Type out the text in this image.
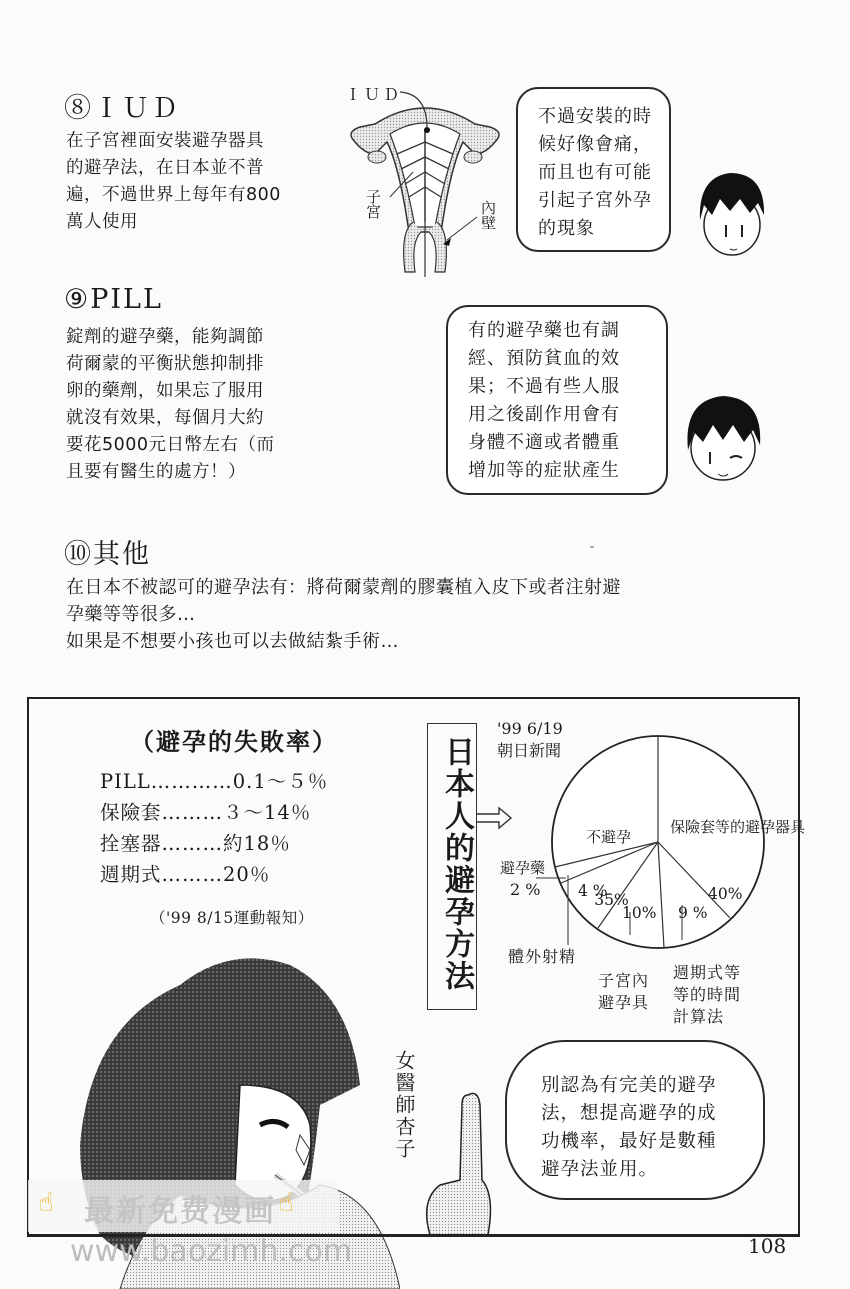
⑧ＩＵＤ
在子宮裡面安裝避孕器具
的避孕法，在日本並不普
遍，不過世界上每年有800
萬人使用
ＩＵＤ
子宮	內壁
不過安裝的時
候好像會痛，
而且也有可能
引起子宮外孕
的現象
⑨PILL
錠劑的避孕藥，能夠調節
荷爾蒙的平衡狀態抑制排
卵的藥劑，如果忘了服用
就沒有效果，每個月大約
要花5000元日幣左右（而
且要有醫生的處方！）
有的避孕藥也有調
經、預防貧血的效
果；不過有些人服
用之後副作用會有
身體不適或者體重
增加等的症狀產生
⑩其他
在日本不被認可的避孕法有：將荷爾蒙劑的膠囊植入皮下或者注射避
孕藥等等很多…
如果是不想要小孩也可以去做結紮手術…
（避孕的失敗率）
PILL…………0.1～５％
保險套………３～14％
拴塞器………約18％
週期式………20％
（'99 8/15運動報知）	日本人的避孕方法
'99 6/19
朝日新聞

不避孕

35%

保險套等的避孕器具

40%

9 %
10%
4 %
避孕藥
2 %
體外射精
子宮內避孕具
週期式等等的時間計算法
女醫師杏子	別認為有完美的避孕
法，想提高避孕的成
功機率，最好是數種
避孕法並用。
108
☝ 最新免费漫画 ☝
www.baozimh.com
